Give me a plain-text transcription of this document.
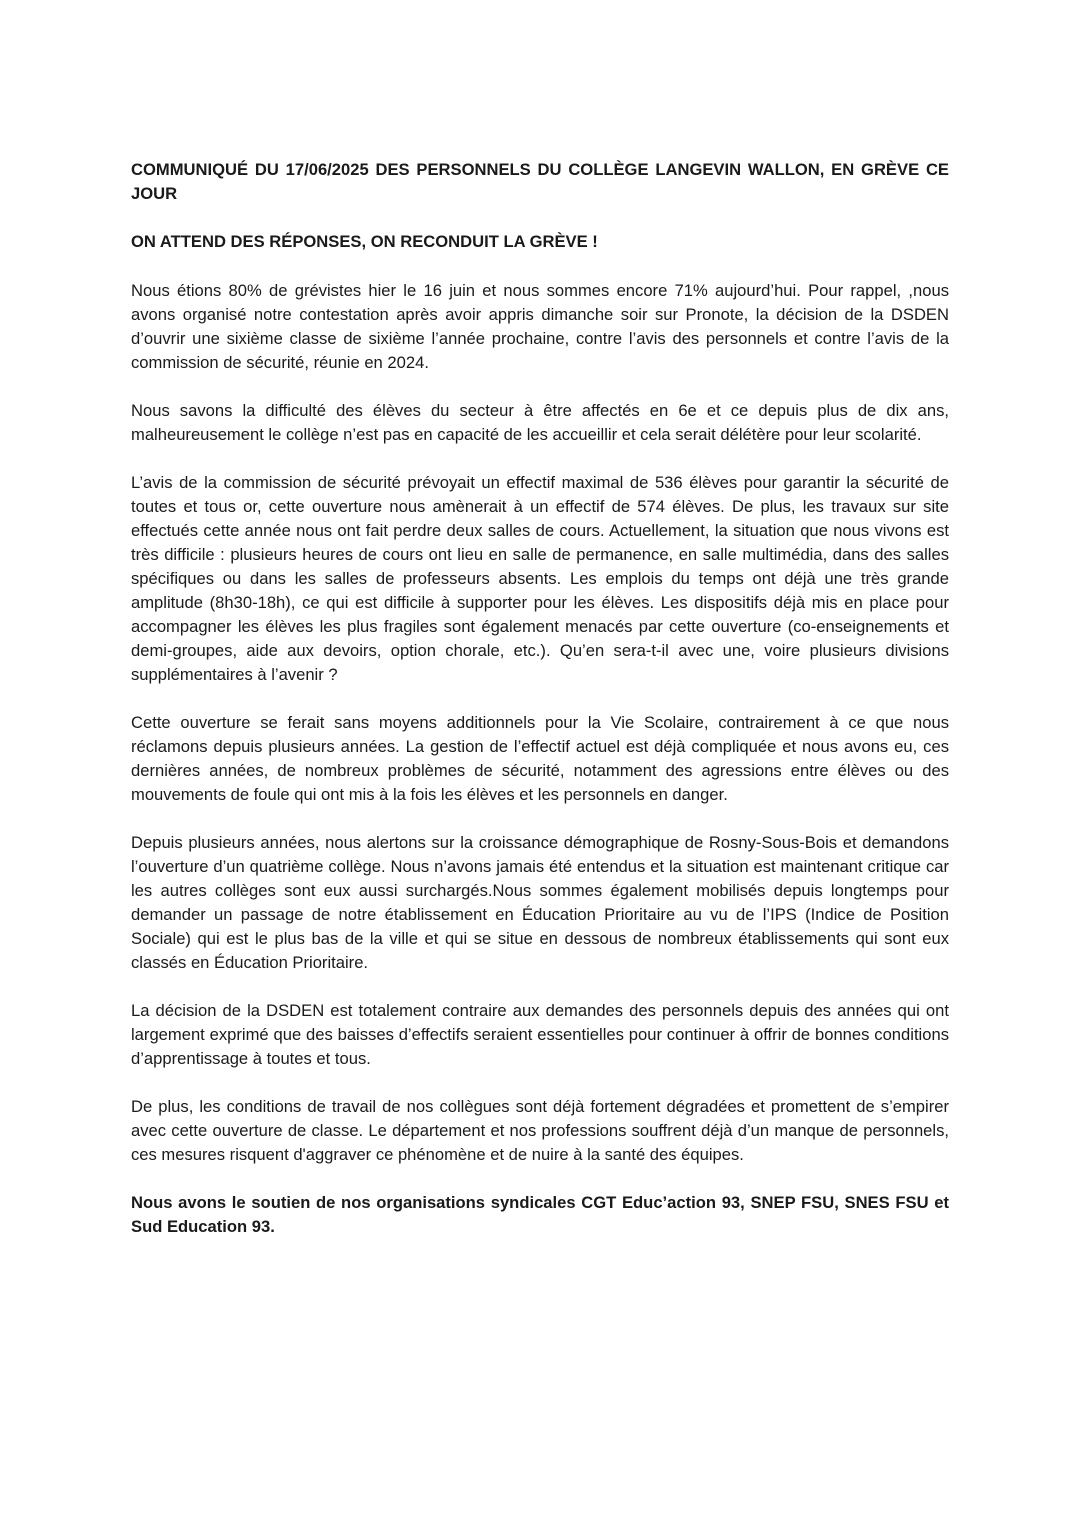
COMMUNIQUÉ DU 17/06/2025 DES PERSONNELS DU COLLÈGE LANGEVIN WALLON, EN GRÈVE CE JOUR

ON ATTEND DES RÉPONSES, ON RECONDUIT LA GRÈVE !

Nous étions 80% de grévistes hier le 16 juin et nous sommes encore 71% aujourd’hui. Pour rappel, ,nous avons organisé notre contestation après avoir appris dimanche soir sur Pronote, la décision de la DSDEN d’ouvrir une sixième classe de sixième l’année prochaine, contre l’avis des personnels et contre l’avis de la commission de sécurité, réunie en 2024.

Nous savons la difficulté des élèves du secteur à être affectés en 6e et ce depuis plus de dix ans, malheureusement le collège n’est pas en capacité de les accueillir et cela serait délétère pour leur scolarité.

L’avis de la commission de sécurité prévoyait un effectif maximal de 536 élèves pour garantir la sécurité de toutes et tous or, cette ouverture nous amènerait à un effectif de 574 élèves. De plus, les travaux sur site effectués cette année nous ont fait perdre deux salles de cours. Actuellement, la situation que nous vivons est très difficile : plusieurs heures de cours ont lieu en salle de permanence, en salle multimédia, dans des salles spécifiques ou dans les salles de professeurs absents. Les emplois du temps ont déjà une très grande amplitude (8h30-18h), ce qui est difficile à supporter pour les élèves. Les dispositifs déjà mis en place pour accompagner les élèves les plus fragiles sont également menacés par cette ouverture (co-enseignements et demi-groupes, aide aux devoirs, option chorale, etc.). Qu’en sera-t-il avec une, voire plusieurs divisions supplémentaires à l’avenir ?

Cette ouverture se ferait sans moyens additionnels pour la Vie Scolaire, contrairement à ce que nous réclamons depuis plusieurs années. La gestion de l’effectif actuel est déjà compliquée et nous avons eu, ces dernières années, de nombreux problèmes de sécurité, notamment des agressions entre élèves ou des mouvements de foule qui ont mis à la fois les élèves et les personnels en danger.

Depuis plusieurs années, nous alertons sur la croissance démographique de Rosny-Sous-Bois et demandons l’ouverture d’un quatrième collège. Nous n’avons jamais été entendus et la situation est maintenant critique car les autres collèges sont eux aussi surchargés.Nous sommes également mobilisés depuis longtemps pour demander un passage de notre établissement en Éducation Prioritaire au vu de l’IPS (Indice de Position Sociale) qui est le plus bas de la ville et qui se situe en dessous de nombreux établissements qui sont eux classés en Éducation Prioritaire.

La décision de la DSDEN est totalement contraire aux demandes des personnels depuis des années qui ont largement exprimé que des baisses d’effectifs seraient essentielles pour continuer à offrir de bonnes conditions d’apprentissage à toutes et tous.

De plus, les conditions de travail de nos collègues sont déjà fortement dégradées et promettent de s’empirer avec cette ouverture de classe. Le département et nos professions souffrent déjà d’un manque de personnels, ces mesures risquent d'aggraver ce phénomène et de nuire à la santé des équipes.

Nous avons le soutien de nos organisations syndicales CGT Educ’action 93, SNEP FSU, SNES FSU et Sud Education 93.
